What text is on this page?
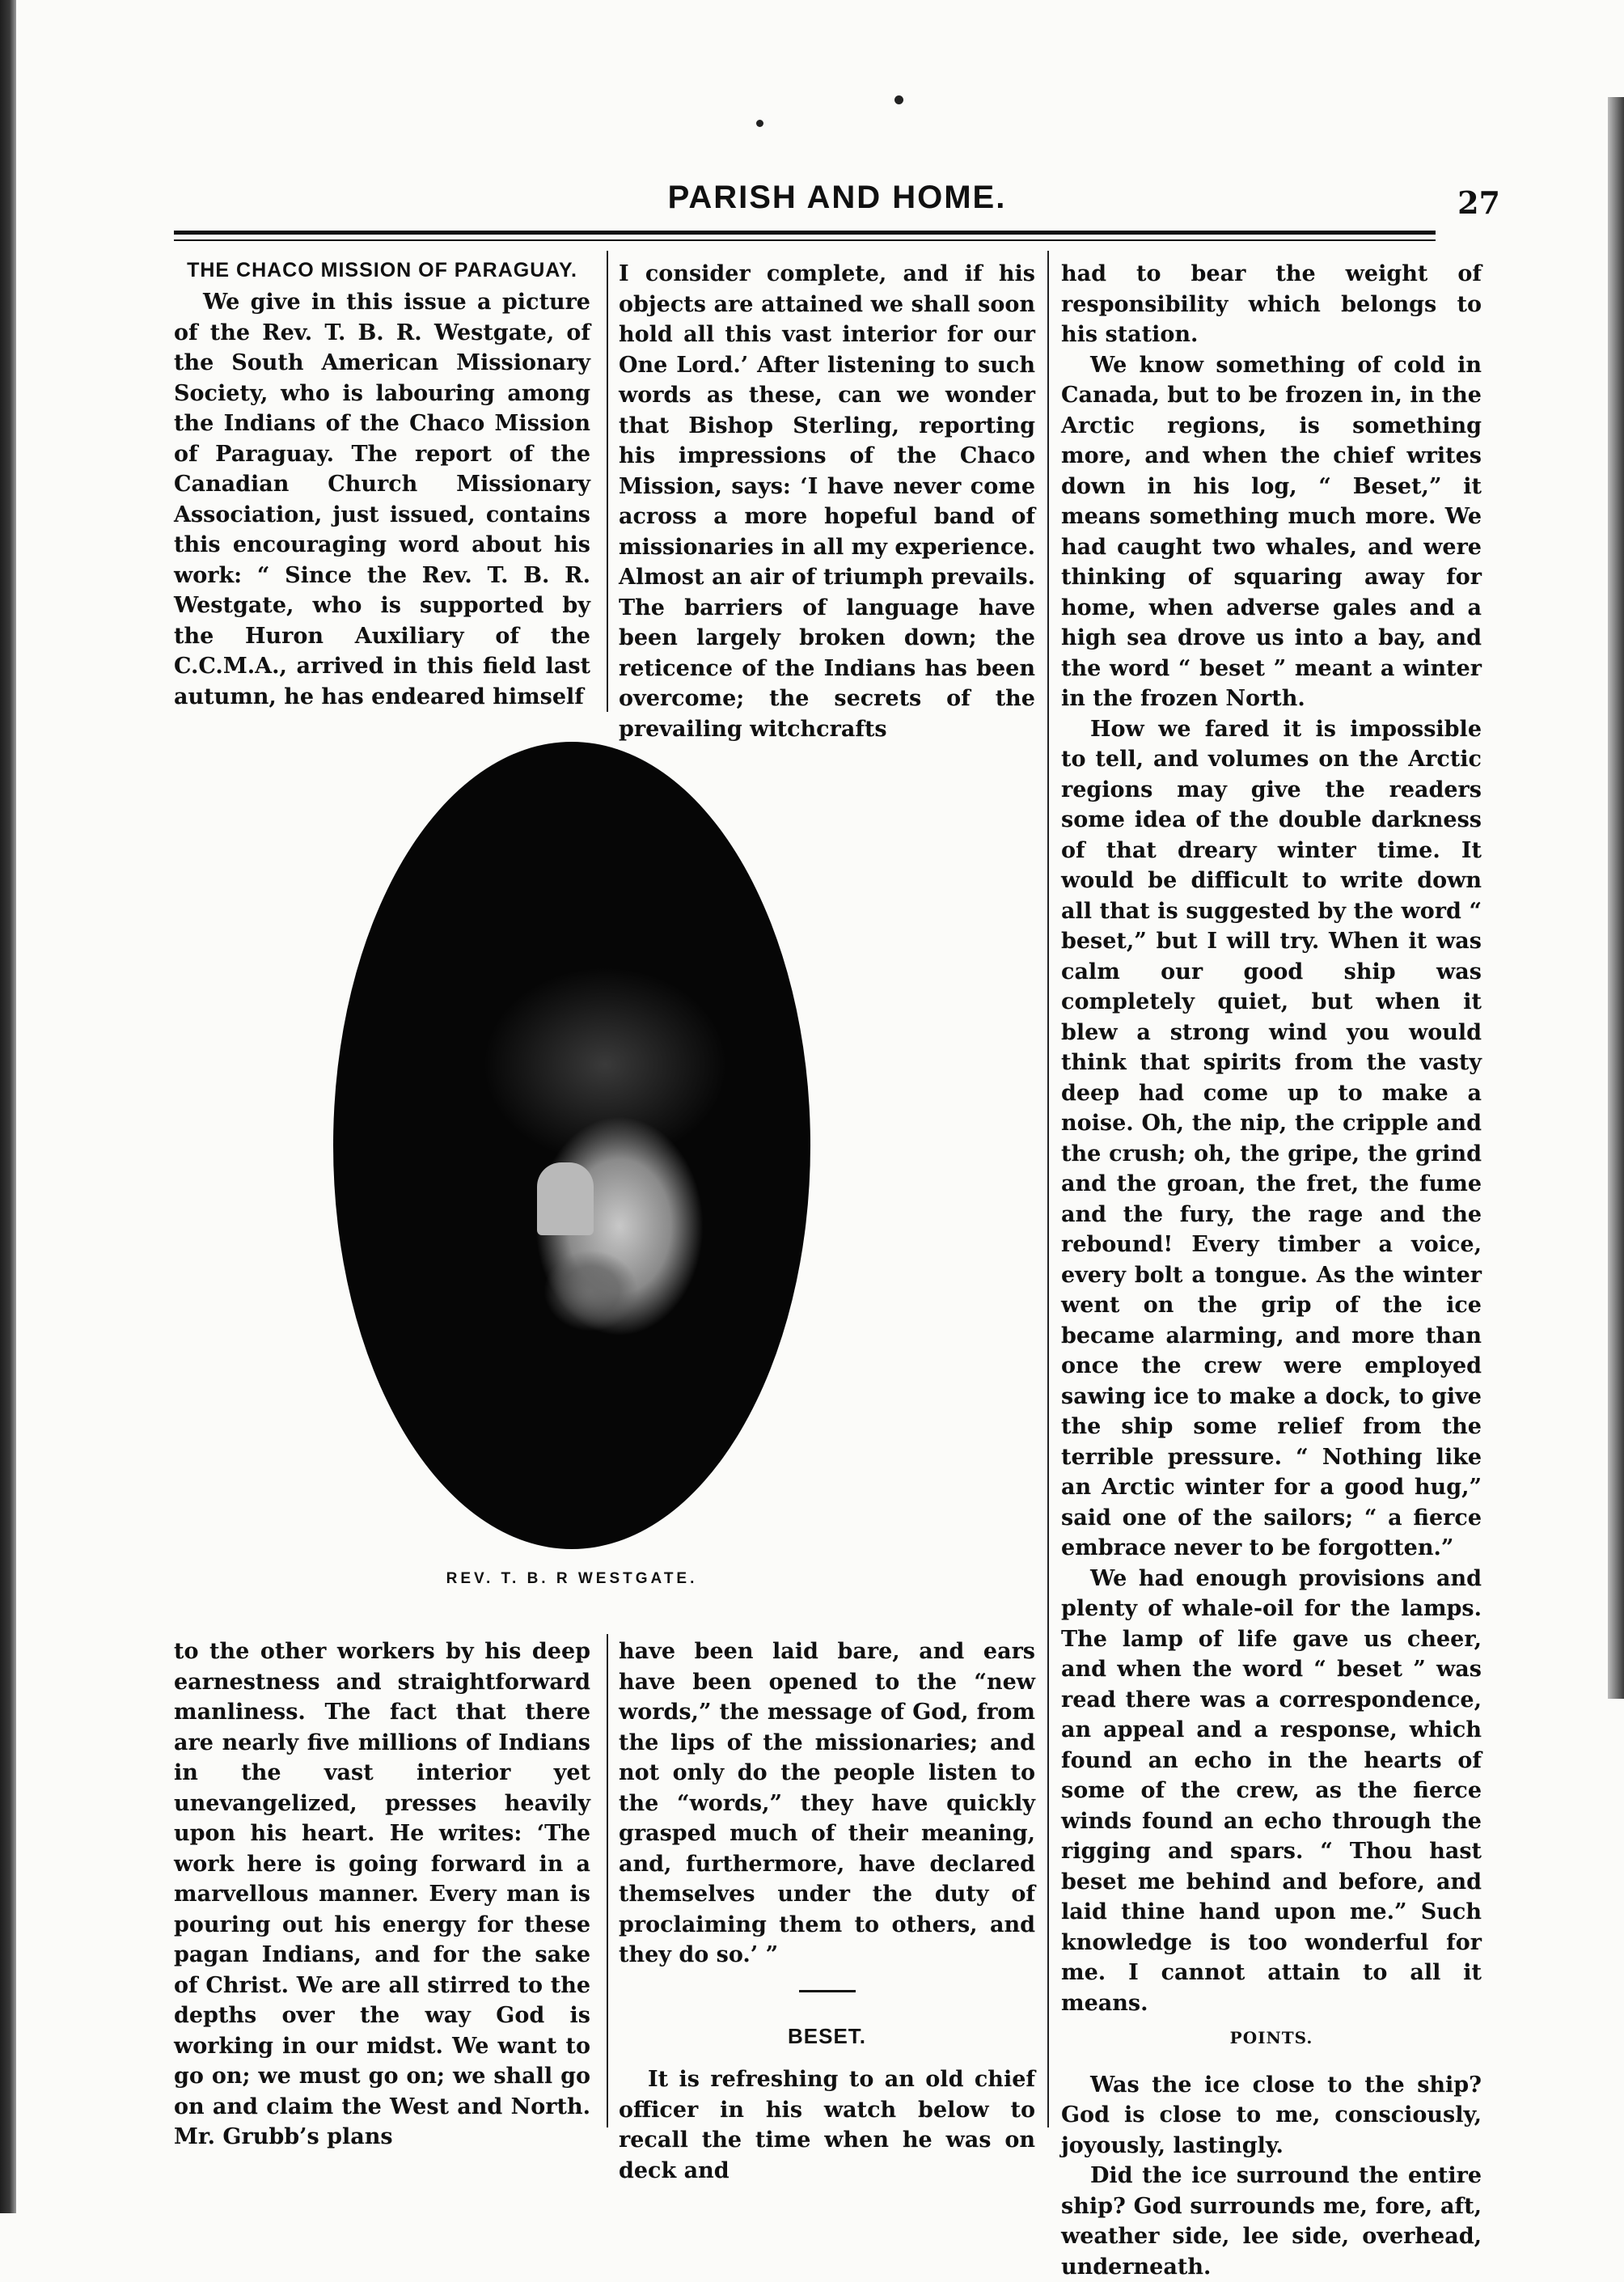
PARISH AND HOME.	27
THE CHACO MISSION OF PARAGUAY.

We give in this issue a picture of the Rev. T. B. R. Westgate, of the South American Missionary Society, who is labouring among the Indians of the Chaco Mission of Paraguay. The report of the Canadian Church Missionary Association, just issued, contains this encouraging word about his work: “ Since the Rev. T. B. R. Westgate, who is supported by the Huron Auxiliary of the C.C.M.A., arrived in this field last autumn, he has endeared himself

I consider complete, and if his objects are attained we shall soon hold all this vast interior for our One Lord.’ After listening to such words as these, can we wonder that Bishop Sterling, reporting his impressions of the Chaco Mission, says: ‘I have never come across a more hopeful band of missionaries in all my experience. Almost an air of triumph prevails. The barriers of language have been largely broken down; the reticence of the Indians has been overcome; the secrets of the prevailing witchcrafts

REV. T. B. R WESTGATE.

to the other workers by his deep earnestness and straightforward manliness. The fact that there are nearly five millions of Indians in the vast interior yet unevangelized, presses heavily upon his heart. He writes: ‘The work here is going forward in a marvellous manner. Every man is pouring out his energy for these pagan Indians, and for the sake of Christ. We are all stirred to the depths over the way God is working in our midst. We want to go on; we must go on; we shall go on and claim the West and North. Mr. Grubb’s plans

have been laid bare, and ears have been opened to the “new words,” the message of God, from the lips of the missionaries; and not only do the people listen to the “words,” they have quickly grasped much of their meaning, and, furthermore, have declared themselves under the duty of proclaiming them to others, and they do so.’ ”

BESET.

It is refreshing to an old chief officer in his watch below to recall the time when he was on deck and

had to bear the weight of responsibility which belongs to his station.

We know something of cold in Canada, but to be frozen in, in the Arctic regions, is something more, and when the chief writes down in his log, “ Beset,” it means something much more. We had caught two whales, and were thinking of squaring away for home, when adverse gales and a high sea drove us into a bay, and the word “ beset ” meant a winter in the frozen North.

How we fared it is impossible to tell, and volumes on the Arctic regions may give the readers some idea of the double darkness of that dreary winter time. It would be difficult to write down all that is suggested by the word “ beset,” but I will try. When it was calm our good ship was completely quiet, but when it blew a strong wind you would think that spirits from the vasty deep had come up to make a noise. Oh, the nip, the cripple and the crush; oh, the gripe, the grind and the groan, the fret, the fume and the fury, the rage and the rebound! Every timber a voice, every bolt a tongue. As the winter went on the grip of the ice became alarming, and more than once the crew were employed sawing ice to make a dock, to give the ship some relief from the terrible pressure. “ Nothing like an Arctic winter for a good hug,” said one of the sailors; “ a fierce embrace never to be forgotten.”

We had enough provisions and plenty of whale-oil for the lamps. The lamp of life gave us cheer, and when the word “ beset ” was read there was a correspondence, an appeal and a response, which found an echo in the hearts of some of the crew, as the fierce winds found an echo through the rigging and spars. “ Thou hast beset me behind and before, and laid thine hand upon me.” Such knowledge is too wonderful for me. I cannot attain to all it means.

POINTS.

Was the ice close to the ship? God is close to me, consciously, joyously, lastingly.

Did the ice surround the entire ship? God surrounds me, fore, aft, weather side, lee side, overhead, underneath.
